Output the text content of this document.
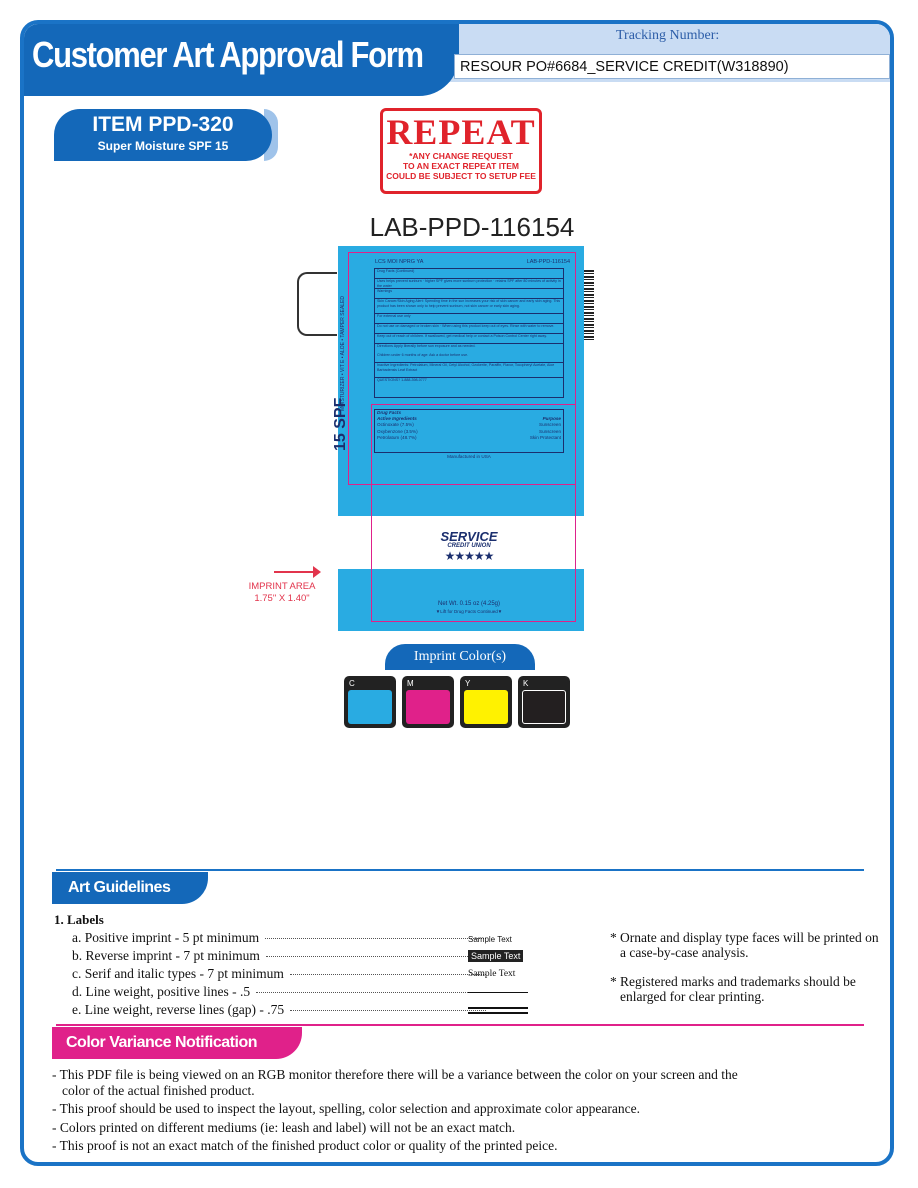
Customer Art Approval Form	Tracking Number:
RESOUR PO#6684_SERVICE CREDIT(W318890)
ITEM PPD-320
Super Moisture SPF 15	REPEAT
*ANY CHANGE REQUEST
TO AN EXACT REPEAT ITEM
COULD BE SUBJECT TO SETUP FEE
LAB-PPD-116154
MOISTURIZER • VIT E • ALOE • TAMPER SEALED
15 SPF
LCS MOI NPRG YA	LAB-PPD-116154
Drug Facts (Continued)
Uses helps prevent sunburn · higher SPF gives more sunburn protection · retains SPF after 80 minutes of activity in the water
Warnings
Skin Cancer/Skin Aging Alert: Spending time in the sun increases your risk of skin cancer and early skin aging. This product has been shown only to help prevent sunburn, not skin cancer or early skin aging.
For external use only
Do not use on damaged or broken skin · When using this product keep out of eyes. Rinse with water to remove.
Keep out of reach of children. If swallowed, get medical help or contact a Poison Control Center right away.
Directions Apply liberally before sun exposure and as needed.
Children under 6 months of age: Ask a doctor before use.
Inactive Ingredients: Petrolatum, Mineral Oil, Cetyl Alcohol, Ozokerite, Paraffin, Flavor, Tocopheryl Acetate, Aloe Barbadensis Leaf Extract
QUESTIONS? 1-888-398-0777
Drug Facts
Active Ingredients	Purpose
Octinoxate (7.5%)	Sunscreen
Oxybenzone (3.5%)	Sunscreen
Petrolatum (48.7%)	Skin Protectant
Manufactured in USA
SERVICE
CREDIT UNION
★★★★★
Net Wt. 0.15 oz (4.25g)
▼Lift for Drug Facts Continued▼
IMPRINT AREA
1.75" X 1.40"
Imprint Color(s)
C	M	Y	K
Art Guidelines
1. Labels
a. Positive imprint - 5 pt minimum
b. Reverse imprint - 7 pt minimum
c. Serif and italic types - 7 pt minimum
d. Line weight, positive lines - .5
e. Line weight, reverse lines (gap) - .75
Sample Text
Sample Text
Sample Text
* Ornate and display type faces will be printed on a case-by-case analysis.
* Registered marks and trademarks should be enlarged for clear printing.
Color Variance Notification
- This PDF file is being viewed on an RGB monitor therefore there will be a variance between the color on your screen and the color of the actual finished product.
- This proof should be used to inspect the layout, spelling, color selection and approximate color appearance.
- Colors printed on different mediums (ie: leash and label) will not be an exact match.
- This proof is not an exact match of the finished product color or quality of the printed peice.
